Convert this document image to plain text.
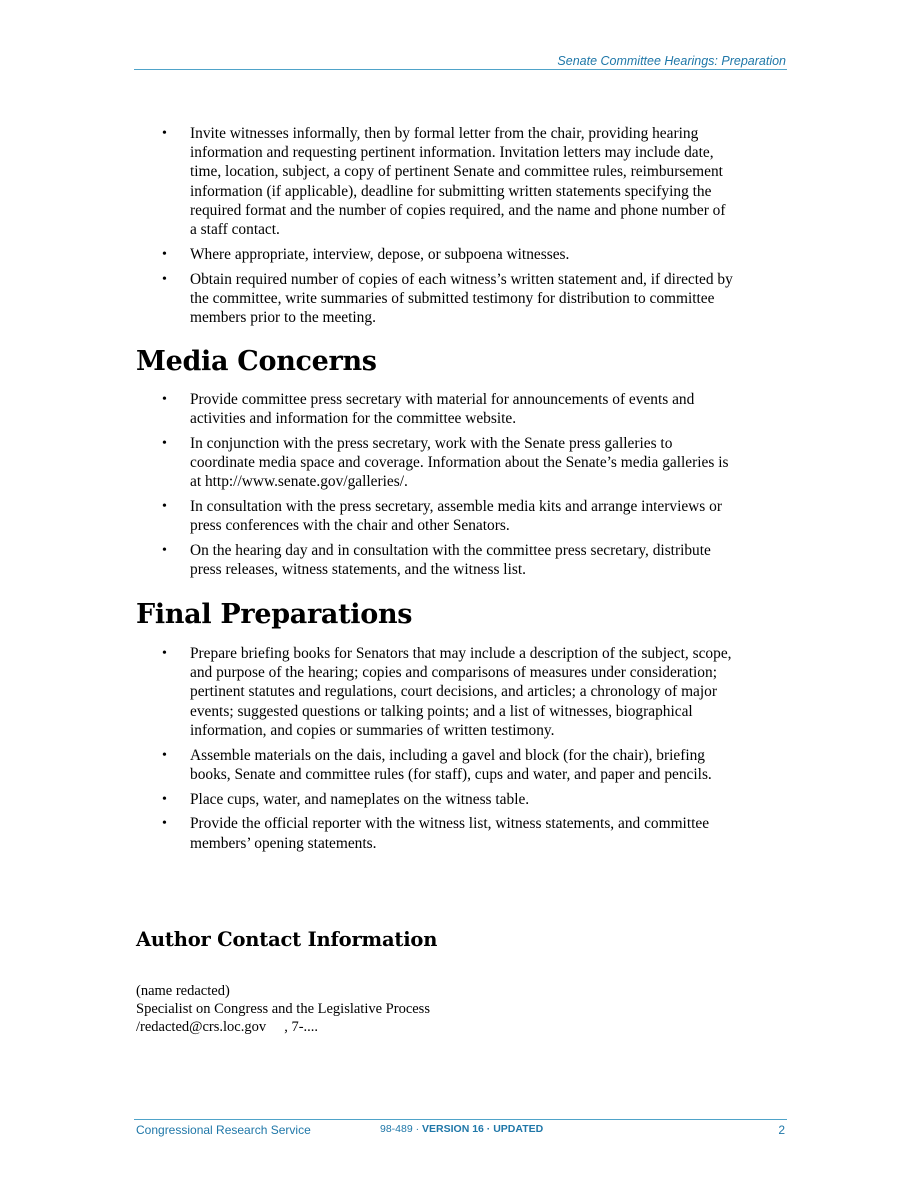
Senate Committee Hearings: Preparation
• Invite witnesses informally, then by formal letter from the chair, providing hearing information and requesting pertinent information. Invitation letters may include date, time, location, subject, a copy of pertinent Senate and committee rules, reimbursement information (if applicable), deadline for submitting written statements specifying the required format and the number of copies required, and the name and phone number of a staff contact.
• Where appropriate, interview, depose, or subpoena witnesses.
• Obtain required number of copies of each witness’s written statement and, if directed by the committee, write summaries of submitted testimony for distribution to committee members prior to the meeting.
Media Concerns
• Provide committee press secretary with material for announcements of events and activities and information for the committee website.
• In conjunction with the press secretary, work with the Senate press galleries to coordinate media space and coverage. Information about the Senate’s media galleries is at http://www.senate.gov/galleries/.
• In consultation with the press secretary, assemble media kits and arrange interviews or press conferences with the chair and other Senators.
• On the hearing day and in consultation with the committee press secretary, distribute press releases, witness statements, and the witness list.
Final Preparations
• Prepare briefing books for Senators that may include a description of the subject, scope, and purpose of the hearing; copies and comparisons of measures under consideration; pertinent statutes and regulations, court decisions, and articles; a chronology of major events; suggested questions or talking points; and a list of witnesses, biographical information, and copies or summaries of written testimony.
• Assemble materials on the dais, including a gavel and block (for the chair), briefing books, Senate and committee rules (for staff), cups and water, and paper and pencils.
• Place cups, water, and nameplates on the witness table.
• Provide the official reporter with the witness list, witness statements, and committee members’ opening statements.
Author Contact Information
(name redacted)
Specialist on Congress and the Legislative Process
/redacted@crs.loc.gov     , 7-....
Congressional Research Service	98-489 · VERSION 16 · UPDATED	2
